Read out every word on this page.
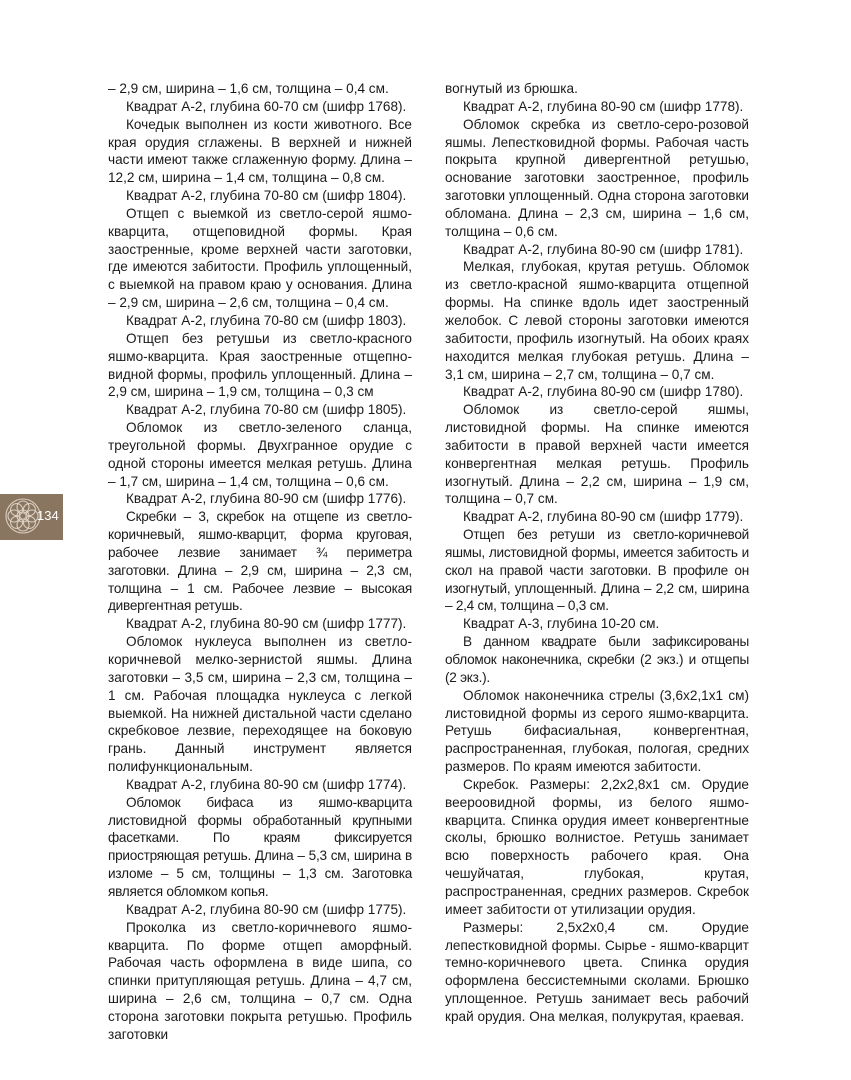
– 2,9 см, ширина – 1,6 см, толщина – 0,4 см.

Квадрат А-2, глубина 60-70 см (шифр 1768).

Кочедык выполнен из кости животного. Все края орудия сглажены. В верхней и нижней части имеют также сглаженную форму. Длина – 12,2 см, ширина – 1,4 см, толщина – 0,8 см.

Квадрат А-2, глубина 70-80 см (шифр 1804).

Отщеп с выемкой из светло-серой яшмо-кварцита, отщеповидной формы. Края заостренные, кроме верхней части заготовки, где имеются забитости. Профиль уплощенный, с выемкой на правом краю у основания. Длина – 2,9 см, ширина – 2,6 см, толщина – 0,4 см.

Квадрат А-2, глубина 70-80 см (шифр 1803).

Отщеп без ретушьи из светло-красного яшмо-кварцита. Края заостренные отщепно-видной формы, профиль уплощенный. Длина – 2,9 см, ширина – 1,9 см, толщина – 0,3 см

Квадрат А-2, глубина 70-80 см (шифр 1805).

Обломок из светло-зеленого сланца, треугольной формы. Двухгранное орудие с одной стороны имеется мелкая ретушь. Длина – 1,7 см, ширина – 1,4 см, толщина – 0,6 см.

Квадрат А-2, глубина 80-90 см (шифр 1776).

Скребки – 3, скребок на отщепе из светло-коричневый, яшмо-кварцит, форма круговая, рабочее лезвие занимает ¾ периметра заготовки. Длина – 2,9 см, ширина – 2,3 см, толщина – 1 см. Рабочее лезвие – высокая дивергентная ретушь.

Квадрат А-2, глубина 80-90 см (шифр 1777).

Обломок нуклеуса выполнен из светло-коричневой мелко-зернистой яшмы. Длина заготовки – 3,5 см, ширина – 2,3 см, толщина – 1 см. Рабочая площадка нуклеуса с легкой выемкой. На нижней дистальной части сделано скребковое лезвие, переходящее на боковую грань. Данный инструмент является полифункциональным.

Квадрат А-2, глубина 80-90 см (шифр 1774).

Обломок бифаса из яшмо-кварцита листовидной формы обработанный крупными фасетками. По краям фиксируется приостряющая ретушь. Длина – 5,3 см, ширина в изломе – 5 см, толщины – 1,3 см. Заготовка является обломком копья.

Квадрат А-2, глубина 80-90 см (шифр 1775).

Проколка из светло-коричневого яшмо-кварцита. По форме отщеп аморфный. Рабочая часть оформлена в виде шипа, со спинки притупляющая ретушь. Длина – 4,7 см, ширина – 2,6 см, толщина – 0,7 см. Одна сторона заготовки покрыта ретушью. Профиль заготовки

вогнутый из брюшка.

Квадрат А-2, глубина 80-90 см (шифр 1778).

Обломок скребка из светло-серо-розовой яшмы. Лепестковидной формы. Рабочая часть покрыта крупной дивергентной ретушью, основание заготовки заостренное, профиль заготовки уплощенный. Одна сторона заготовки обломана. Длина – 2,3 см, ширина – 1,6 см, толщина – 0,6 см.

Квадрат А-2, глубина 80-90 см (шифр 1781).

Мелкая, глубокая, крутая ретушь. Обломок из светло-красной яшмо-кварцита отщепной формы. На спинке вдоль идет заостренный желобок. С левой стороны заготовки имеются забитости, профиль изогнутый. На обоих краях находится мелкая глубокая ретушь. Длина – 3,1 см, ширина – 2,7 см, толщина – 0,7 см.

Квадрат А-2, глубина 80-90 см (шифр 1780).

Обломок из светло-серой яшмы, листовидной формы. На спинке имеются забитости в правой верхней части имеется конвергентная мелкая ретушь. Профиль изогнутый. Длина – 2,2 см, ширина – 1,9 см, толщина – 0,7 см.

Квадрат А-2, глубина 80-90 см (шифр 1779).

Отщеп без ретуши из светло-коричневой яшмы, листовидной формы, имеется забитость и скол на правой части заготовки. В профиле он изогнутый, уплощенный. Длина – 2,2 см, ширина – 2,4 см, толщина – 0,3 см.

Квадрат А-3, глубина 10-20 см.

В данном квадрате были зафиксированы обломок наконечника, скребки (2 экз.) и отщепы (2 экз.).

Обломок наконечника стрелы (3,6х2,1х1 см) листовидной формы из серого яшмо-кварцита. Ретушь бифасиальная, конвергентная, распространенная, глубокая, пологая, средних размеров. По краям имеются забитости.

Скребок. Размеры: 2,2х2,8х1 см. Орудие веероовидной формы, из белого яшмо-кварцита. Спинка орудия имеет конвергентные сколы, брюшко волнистое. Ретушь занимает всю поверхность рабочего края. Она чешуйчатая, глубокая, крутая, распространенная, средних размеров. Скребок имеет забитости от утилизации орудия.

Размеры: 2,5х2х0,4 см. Орудие лепестковидной формы. Сырье - яшмо-кварцит темно-коричневого цвета. Спинка орудия оформлена бессистемными сколами. Брюшко уплощенное. Ретушь занимает весь рабочий край орудия. Она мелкая, полукрутая, краевая.

134
